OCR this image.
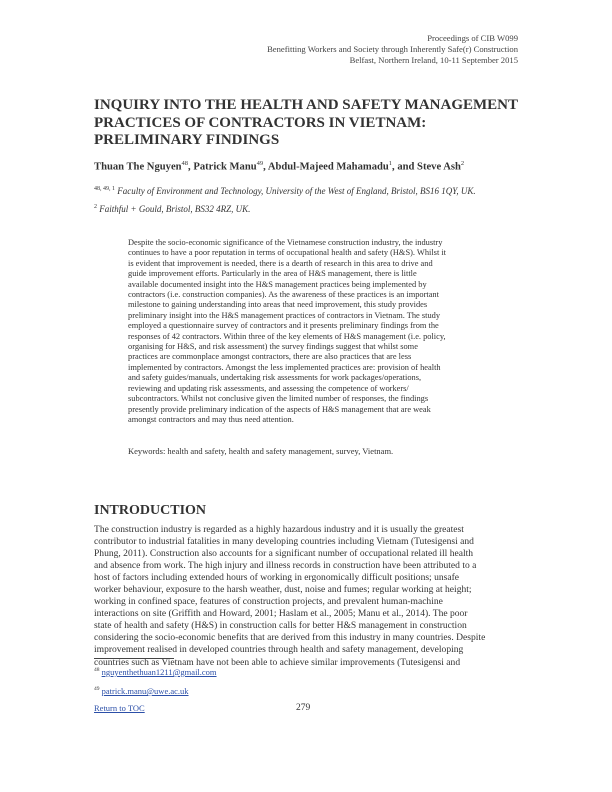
Proceedings of CIB W099
Benefitting Workers and Society through Inherently Safe(r) Construction
Belfast, Northern Ireland, 10-11 September 2015
INQUIRY INTO THE HEALTH AND SAFETY MANAGEMENT PRACTICES OF CONTRACTORS IN VIETNAM: PRELIMINARY FINDINGS
Thuan The Nguyen$^{48}$, Patrick Manu$^{49}$, Abdul-Majeed Mahamadu$^1$, and Steve Ash$^2$
$^{48, 49, 1}$ Faculty of Environment and Technology, University of the West of England, Bristol, BS16 1QY, UK.
$^2$ Faithful + Gould, Bristol, BS32 4RZ, UK.
Despite the socio-economic significance of the Vietnamese construction industry, the industry
continues to have a poor reputation in terms of occupational health and safety (H&S). Whilst it
is evident that improvement is needed, there is a dearth of research in this area to drive and
guide improvement efforts. Particularly in the area of H&S management, there is little
available documented insight into the H&S management practices being implemented by
contractors (i.e. construction companies). As the awareness of these practices is an important
milestone to gaining understanding into areas that need improvement, this study provides
preliminary insight into the H&S management practices of contractors in Vietnam. The study
employed a questionnaire survey of contractors and it presents preliminary findings from the
responses of 42 contractors. Within three of the key elements of H&S management (i.e. policy,
organising for H&S, and risk assessment) the survey findings suggest that whilst some
practices are commonplace amongst contractors, there are also practices that are less
implemented by contractors. Amongst the less implemented practices are: provision of health
and safety guides/manuals, undertaking risk assessments for work packages/operations,
reviewing and updating risk assessments, and assessing the competence of workers/
subcontractors. Whilst not conclusive given the limited number of responses, the findings
presently provide preliminary indication of the aspects of H&S management that are weak
amongst contractors and may thus need attention.
Keywords: health and safety, health and safety management, survey, Vietnam.
INTRODUCTION
The construction industry is regarded as a highly hazardous industry and it is usually the greatest
contributor to industrial fatalities in many developing countries including Vietnam (Tutesigensi and
Phung, 2011). Construction also accounts for a significant number of occupational related ill health
and absence from work. The high injury and illness records in construction have been attributed to a
host of factors including extended hours of working in ergonomically difficult positions; unsafe
worker behaviour, exposure to the harsh weather, dust, noise and fumes; regular working at height;
working in confined space, features of construction projects, and prevalent human-machine
interactions on site (Griffith and Howard, 2001; Haslam et al., 2005; Manu et al., 2014). The poor
state of health and safety (H&S) in construction calls for better H&S management in construction
considering the socio-economic benefits that are derived from this industry in many countries. Despite
improvement realised in developed countries through health and safety management, developing
countries such as Vietnam have not been able to achieve similar improvements (Tutesigensi and
$^{48}$ nguyenthethuan1211@gmail.com
$^{49}$ patrick.manu@uwe.ac.uk
Return to TOC	279
